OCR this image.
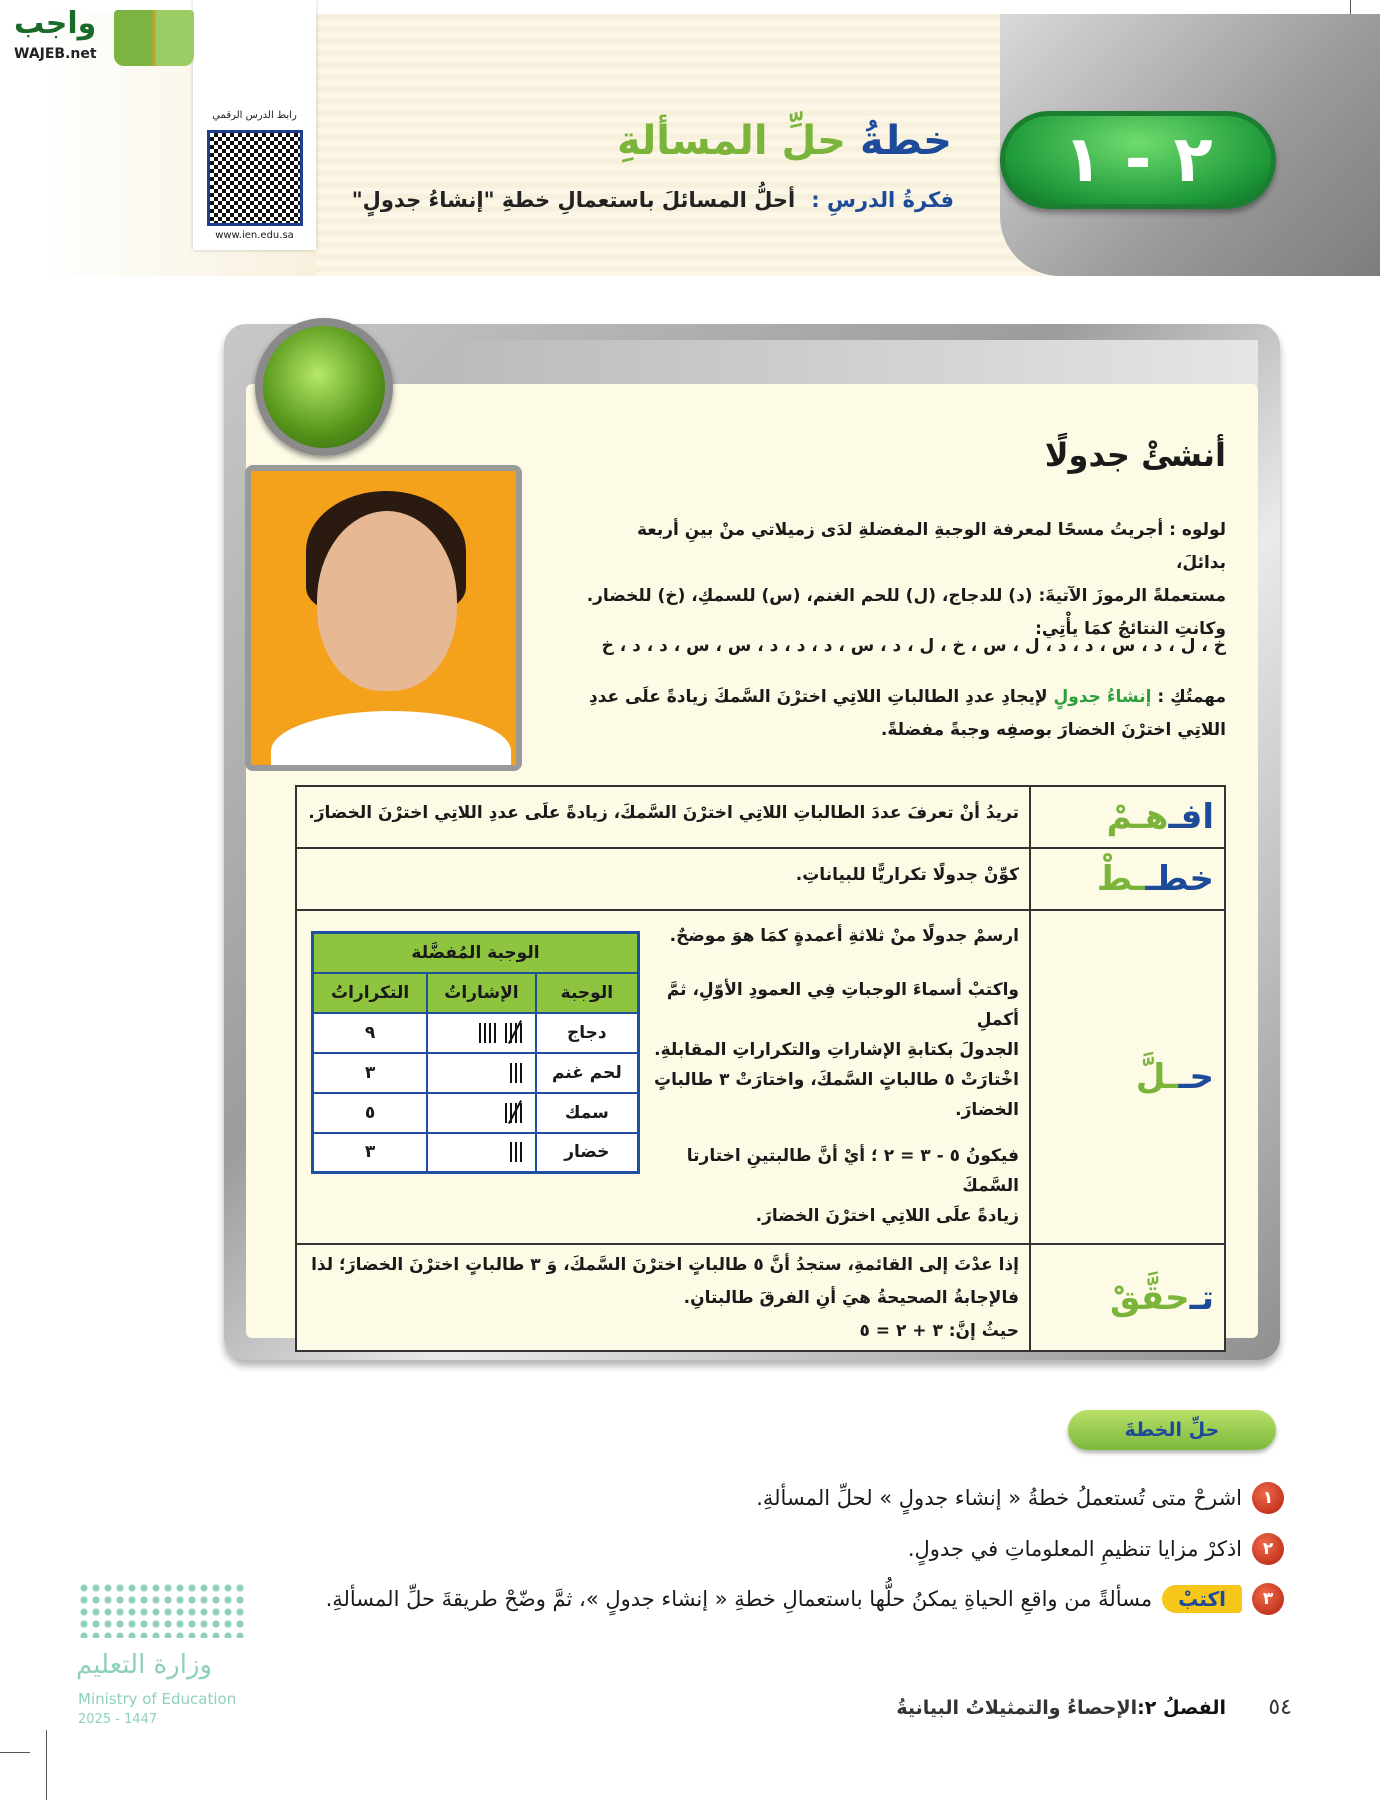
٢ - ١
خطةُ حلِّ المسألةِ
فكرةُ الدرسِ :أحلُّ المسائلَ باستعمالِ خطةِ "إنشاءُ جدولٍ"
رابط الدرس الرقمي
www.ien.edu.sa
واجب
WAJEB.net
أنشئْ جدولًا
لولوه : أجريتُ مسحًا لمعرفة الوجبةِ المفضلةِ لدَى زميلاتي منْ بينِ أربعة بدائلَ،
مستعملةً الرموزَ الآتيةَ: (د) للدجاج، (ل) للحم الغنم، (س) للسمكِ، (خ) للخضار.
وكانتِ النتائجُ كمَا يأْتِي:
خ ، ل ، د ، س ، د ، د ، ل ، س ، خ ، ل ، د ، س ، د ، د ، د ، س ، س ، د ، د ، خ
مهمتُكِ : إنشاءُ جدولٍ لإيجادِ عددِ الطالباتِ اللاتِي اخترْنَ السَّمكَ زيادةً علَى عددِ
اللاتِي اخترْنَ الخضارَ بوصفِه وجبةً مفضلةً.
افـ
هـمْ
تريدُ أنْ تعرفَ عددَ الطالباتِ اللاتِي اخترْنَ السَّمكَ، زيادةً علَى عددِ اللاتِي اخترْنَ الخضارَ.
خطـ
ـطْ
كوِّنْ جدولًا تكراريًّا للبياناتِ.
حـ
ـلَّ
الوجبة المُفضَّلة		
الوجبة	الإشاراتُ	التكراراتُ
دجاج		٩
لحم غنم		٣
سمك		٥
خضار		٣
ارسمْ جدولًا منْ ثلاثةِ أعمدةٍ كمَا هوَ موضحٌ.
واكتبْ أسماءَ الوجباتِ فِي العمودِ الأوّلِ، ثمَّ أكملِ
الجدولَ بكتابةِ الإشاراتِ والتكراراتِ المقابلةِ.
اخْتارَتْ ٥ طالباتٍ السَّمكَ، واختارَتْ ٣ طالباتٍ
الخضارَ.
فيكونُ ٥ - ٣ = ٢ ؛ أيْ أنَّ طالبتينِ اختارتا السَّمكَ
زيادةً علَى اللاتِي اخترْنَ الخضارَ.
تـ
حقَّقْ
إذا عدْتَ إلى القائمةِ، ستجدُ أنَّ ٥ طالباتٍ اخترْنَ السَّمكَ، وَ ٣ طالباتٍ اخترْنَ الخضارَ؛ لذا
فالإجابةُ الصحيحةُ هيَ أنِ الفرقَ طالبتانِ.
حيثُ إنَّ: ٣ + ٢ = ٥
حلِّ الخطةَ
١
اشرحْ متى تُستعملُ خطةُ « إنشاء جدولٍ » لحلِّ المسألةِ.
٢
اذكرْ مزايا تنظيمِ المعلوماتِ في جدولٍ.
٣
اكتبْ
مسألةً من واقعِ الحياةِ يمكنُ حلُّها باستعمالِ خطةِ « إنشاء جدولٍ »، ثمَّ وضّحْ طريقةَ حلِّ المسألةِ.
وزارة التعليم
Ministry of Education
2025 - 1447
الفصلُ ٢:الإحصاءُ والتمثيلاتُ البيانيةُ	٥٤
